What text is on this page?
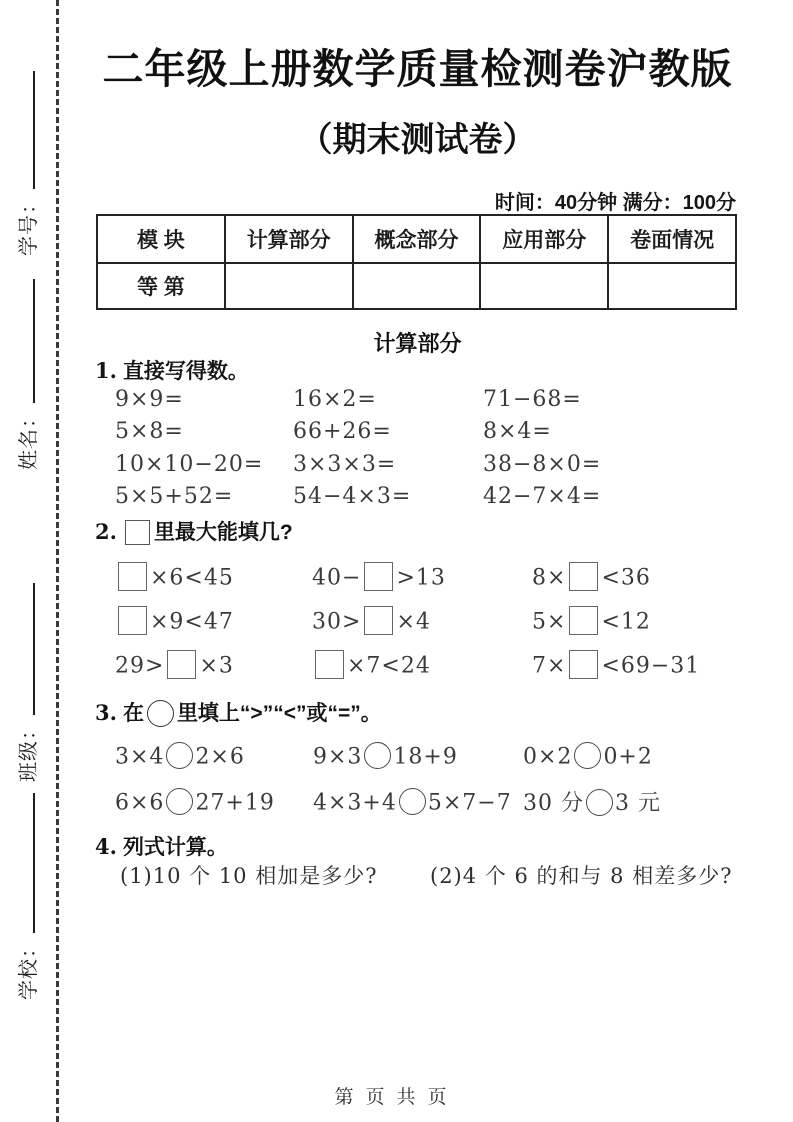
学号：
姓名：
班级：
学校：
二年级上册数学质量检测卷沪教版
（期末测试卷）
时间：40分钟 满分：100分
模 块	计算部分	概念部分	应用部分	卷面情况
等 第				
计算部分
1. 直接写得数。
9×9=	16×2=	71−68=
5×8=	66+26=	8×4=
10×10−20=	3×3×3=	38−8×0=
5×5+52=	54−4×3=	42−7×4=
2. 里最大能填几?
×6<45	40− >13	8× <36
×9<47	30> ×4	5× <12
29> ×3	×7<24	7× <69−31
3. 在 里填上“>”“<”或“=”。
3×4 2×6	9×3 18+9	0×2 0+2
6×6 27+19	4×3+4 5×7−7 30 分 3 元
4. 列式计算。
(1)10 个 10 相加是多少?	(2)4 个 6 的和与 8 相差多少?
第页共页
